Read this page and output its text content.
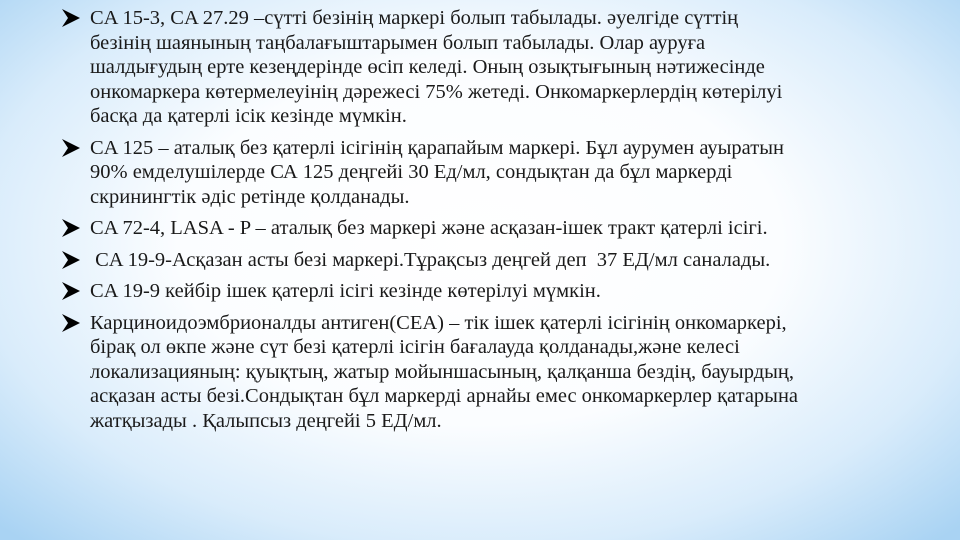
CA 15-3, CA 27.29 –сүтті безінің маркері болып табылады. әуелгіде сүттің
безінің шаянының таңбалағыштарымен болып табылады. Олар ауруға
шалдығудың ерте кезеңдерінде өсіп келеді. Оның озықтығының нәтижесінде
онкомаркера көтермелеуінің дәрежесі 75% жетеді. Онкомаркерлердің көтерілуі
басқа да қатерлі ісік кезінде мүмкін.
CA 125 – аталық без қатерлі ісігінің қарапайым маркері. Бұл аурумен ауыратын
90% емделушілерде СА 125 деңгейі 30 Ед/мл, сондықтан да бұл маркерді
скринингтік әдіс ретінде қолданады.
CA 72-4, LASA - P – аталық без маркері және асқазан-ішек тракт қатерлі ісігі.
CA 19-9-Асқазан асты безі маркері.Тұрақсыз деңгей деп  37 ЕД/мл саналады.
CA 19-9 кейбір ішек қатерлі ісігі кезінде көтерілуі мүмкін.
Карциноидоэмбрионалды антиген(CEA) – тік ішек қатерлі ісігінің онкомаркері,
бірақ ол өкпе және сүт безі қатерлі ісігін бағалауда қолданады,және келесі
локализацияның: қуықтың, жатыр мойыншасының, қалқанша бездің, бауырдың,
асқазан асты безі.Сондықтан бұл маркерді арнайы емес онкомаркерлер қатарына
жатқызады . Қалыпсыз деңгейі 5 ЕД/мл.
